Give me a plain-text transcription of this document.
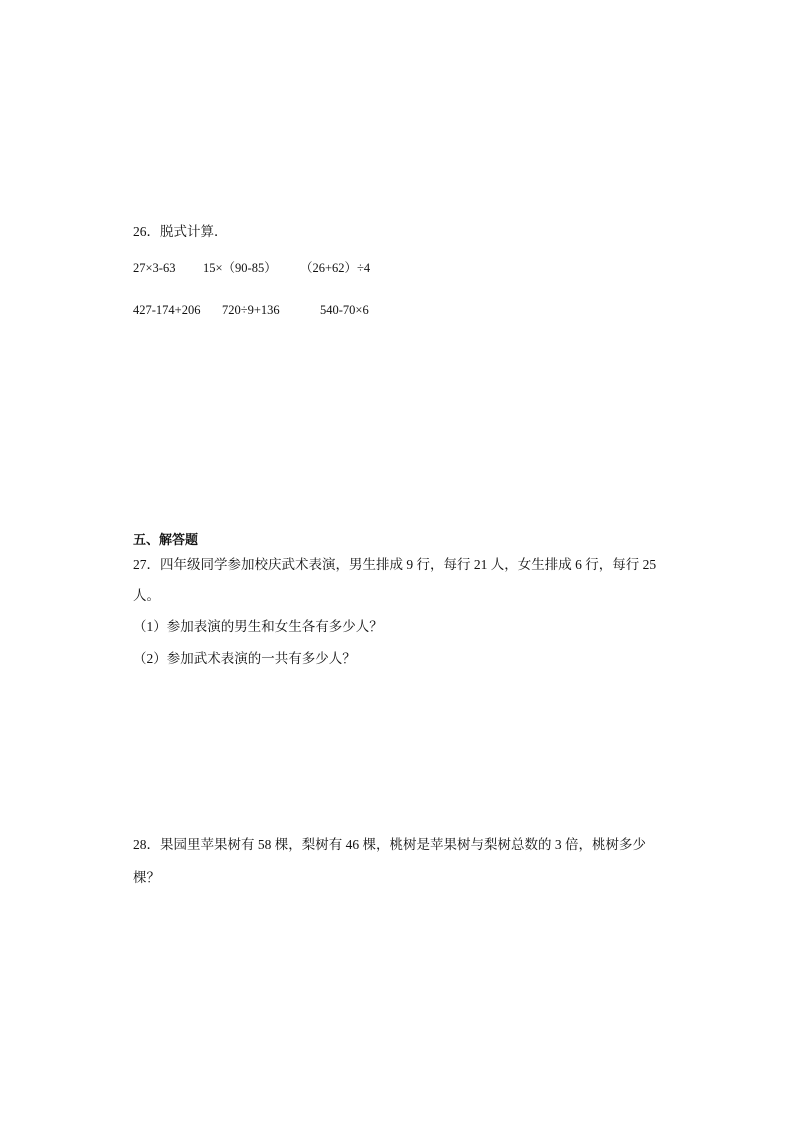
26．脱式计算．
27×3-63 15×（90-85） （26+62）÷4
427-174+206 720÷9+136	540-70×6
五、解答题
27．四年级同学参加校庆武术表演，男生排成 9 行，每行 21 人，女生排成 6 行，每行 25
人。
（1）参加表演的男生和女生各有多少人？
（2）参加武术表演的一共有多少人？
28．果园里苹果树有 58 棵，梨树有 46 棵，桃树是苹果树与梨树总数的 3 倍，桃树多少
棵？
